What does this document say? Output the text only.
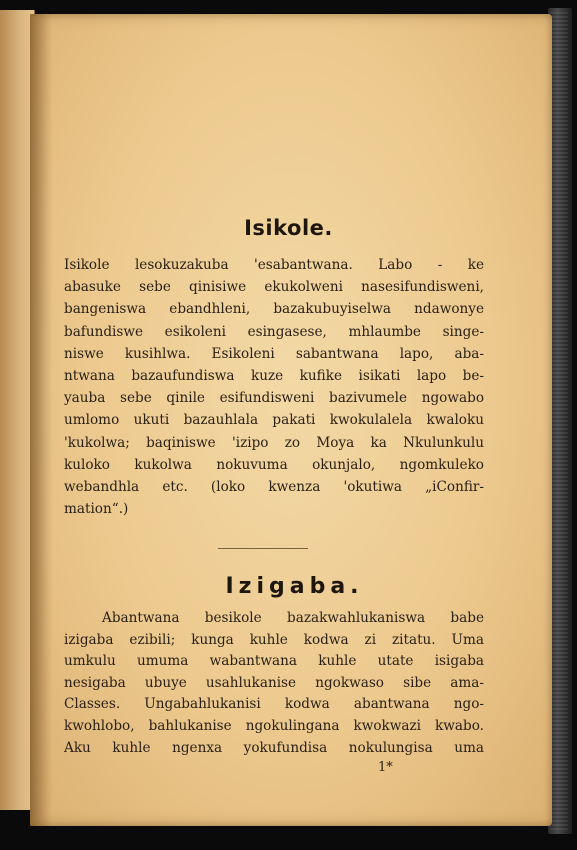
Isikole.
Isikole lesokuzakuba 'esabantwana. Labo - ke
abasuke sebe qinisiwe ekukolweni nasesifundisweni,
bangeniswa ebandhleni, bazakubuyiselwa ndawonye
bafundiswe esikoleni esingasese, mhlaumbe singe-
niswe kusihlwa. Esikoleni sabantwana lapo, aba-
ntwana bazaufundiswa kuze kufike isikati lapo be-
yauba sebe qinile esifundisweni bazivumele ngowabo
umlomo ukuti bazauhlala pakati kwokulalela kwaloku
'kukolwa; baqiniswe 'izipo zo Moya ka Nkulunkulu
kuloko kukolwa nokuvuma okunjalo, ngomkuleko
webandhla etc. (loko kwenza 'okutiwa „iConfir-
mation“.)
Izigaba.
Abantwana besikole bazakwahlukaniswa babe
izigaba ezibili; kunga kuhle kodwa zi zitatu. Uma
umkulu umuma wabantwana kuhle utate isigaba
nesigaba ubuye usahlukanise ngokwaso sibe ama-
Classes. Ungabahlukanisi kodwa abantwana ngo-
kwohlobo, bahlukanise ngokulingana kwokwazi kwabo.
Aku kuhle ngenxa yokufundisa nokulungisa uma
1*
